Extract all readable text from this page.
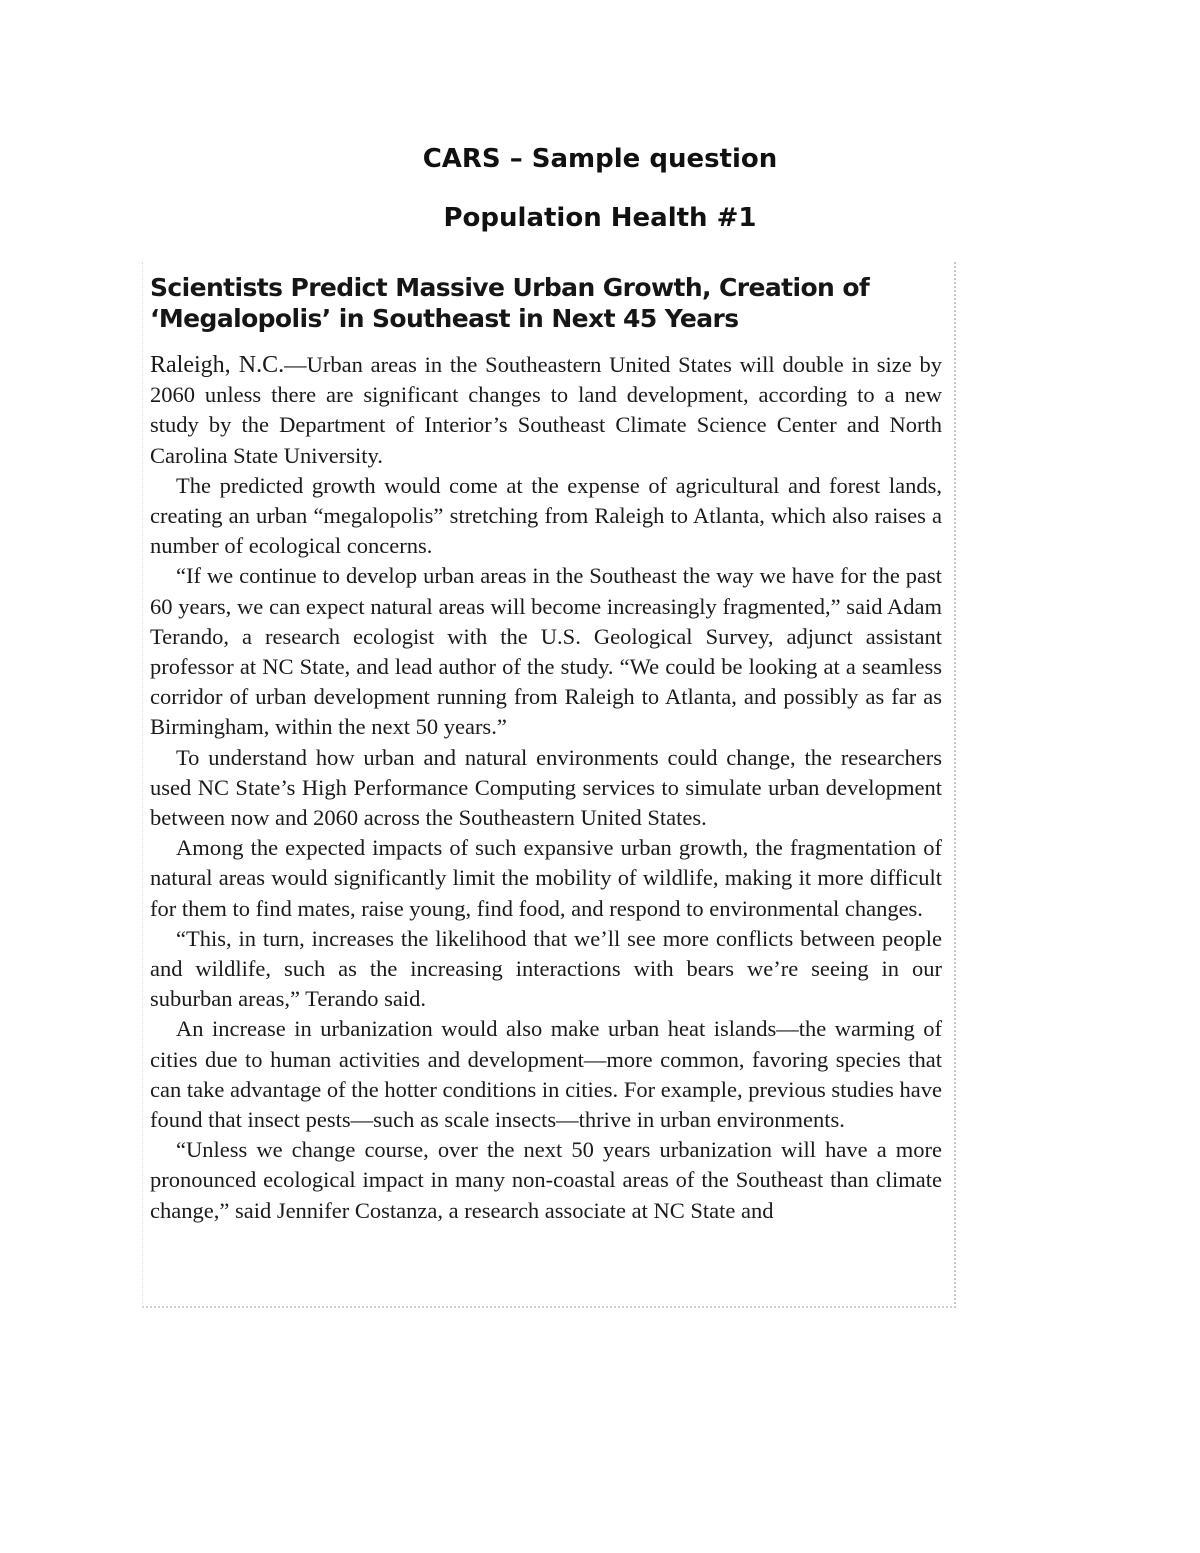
CARS – Sample question
Population Health #1
Scientists Predict Massive Urban Growth, Creation of ‘Megalopolis’ in Southeast in Next 45 Years

Raleigh, N.C.—Urban areas in the Southeastern United States will double in size by 2060 unless there are significant changes to land development, according to a new study by the Department of Interior’s Southeast Climate Science Center and North Carolina State University.

The predicted growth would come at the expense of agricultural and forest lands, creating an urban “megalopolis” stretching from Raleigh to Atlanta, which also raises a number of ecological concerns.

“If we continue to develop urban areas in the Southeast the way we have for the past 60 years, we can expect natural areas will become increasingly fragmented,” said Adam Terando, a research ecologist with the U.S. Geological Survey, adjunct assistant professor at NC State, and lead author of the study. “We could be looking at a seamless corridor of urban development running from Raleigh to Atlanta, and possibly as far as Birmingham, within the next 50 years.”

To understand how urban and natural environments could change, the researchers used NC State’s High Performance Computing services to simulate urban development between now and 2060 across the Southeastern United States.

Among the expected impacts of such expansive urban growth, the fragmentation of natural areas would significantly limit the mobility of wildlife, making it more difficult for them to find mates, raise young, find food, and respond to environmental changes.

“This, in turn, increases the likelihood that we’ll see more conflicts between people and wildlife, such as the increasing interactions with bears we’re seeing in our suburban areas,” Terando said.

An increase in urbanization would also make urban heat islands—the warming of cities due to human activities and development—more common, favoring species that can take advantage of the hotter conditions in cities. For example, previous studies have found that insect pests—such as scale insects—thrive in urban environments.

“Unless we change course, over the next 50 years urbanization will have a more pronounced ecological impact in many non-coastal areas of the Southeast than climate change,” said Jennifer Costanza, a research associate at NC State and
